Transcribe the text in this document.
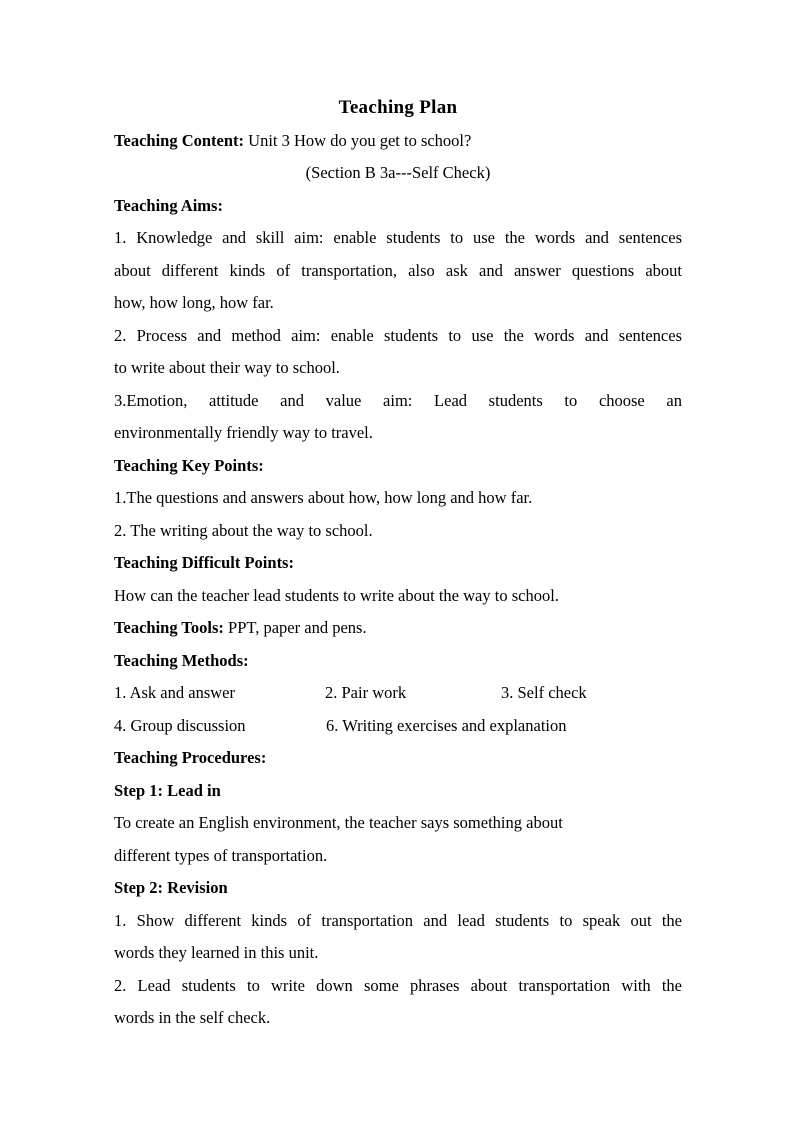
Teaching Plan
Teaching Content: Unit 3 How do you get to school?
(Section B 3a---Self Check)
Teaching Aims:
1. Knowledge and skill aim: enable students to use the words and sentences
about different kinds of transportation, also ask and answer questions about
how, how long, how far.
2. Process and method aim: enable students to use the words and sentences
to write about their way to school.
3.Emotion, attitude and value aim: Lead students to choose an
environmentally friendly way to travel.
Teaching Key Points:
1.The questions and answers about how, how long and how far.
2. The writing about the way to school.
Teaching Difficult Points:
How can the teacher lead students to write about the way to school.
Teaching Tools: PPT, paper and pens.
Teaching Methods:
1. Ask and answer	2. Pair work	3. Self check
4. Group discussion	6. Writing exercises and explanation
Teaching Procedures:
Step 1: Lead in
To create an English environment, the teacher says something about
different types of transportation.
Step 2: Revision
1. Show different kinds of transportation and lead students to speak out the
words they learned in this unit.
2. Lead students to write down some phrases about transportation with the
words in the self check.
